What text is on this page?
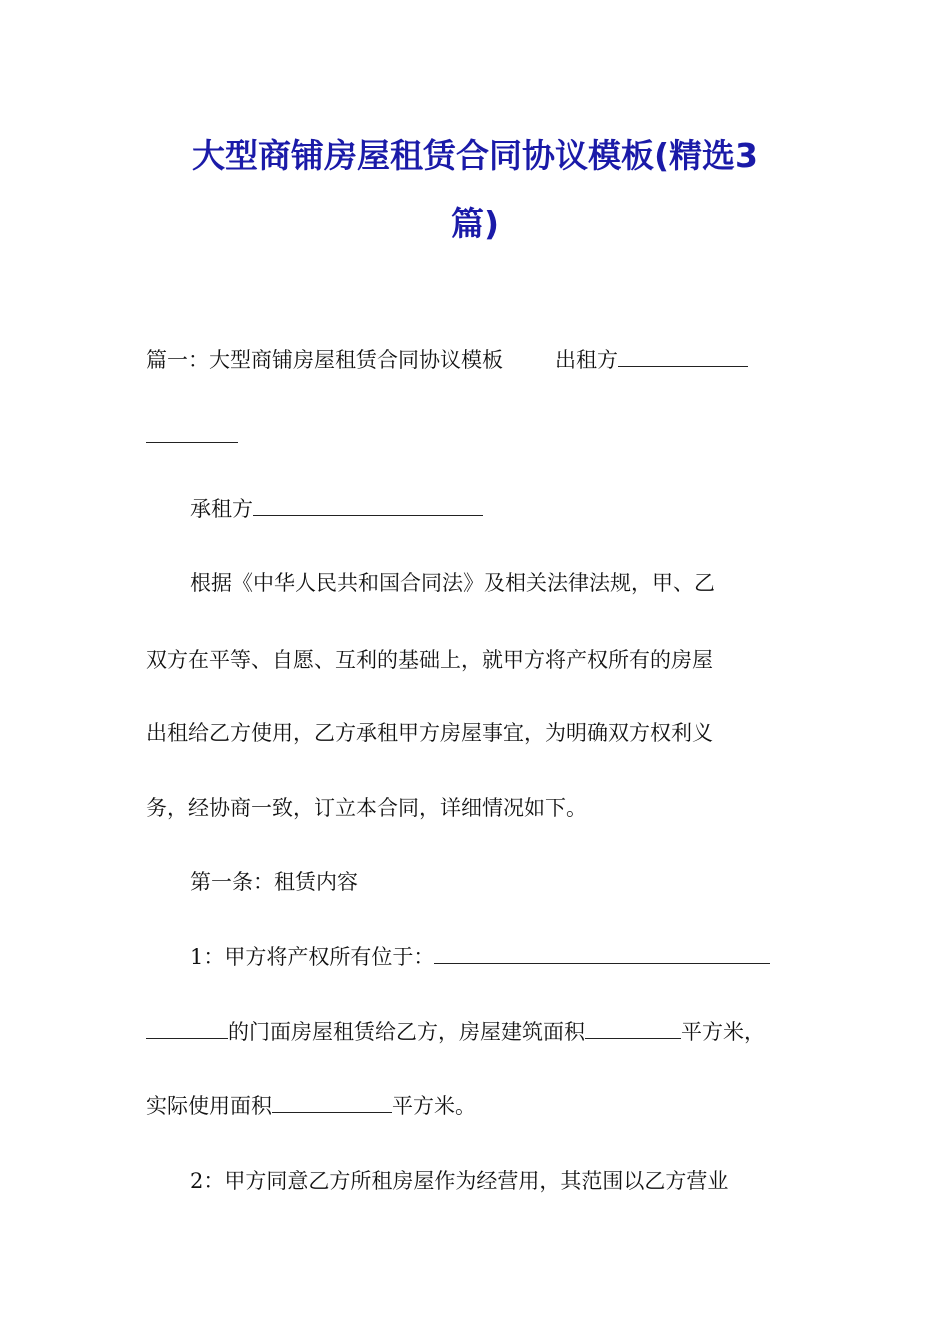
大型商铺房屋租赁合同协议模板(精选3
篇)
篇一：大型商铺房屋租赁合同协议模板 出租方
承租方
根据《中华人民共和国合同法》及相关法律法规，甲、乙
双方在平等、自愿、互利的基础上，就甲方将产权所有的房屋
出租给乙方使用，乙方承租甲方房屋事宜，为明确双方权利义
务，经协商一致，订立本合同，详细情况如下。
第一条：租赁内容
1：甲方将产权所有位于：
的门面房屋租赁给乙方，房屋建筑面积	平方米，
实际使用面积	平方米。
2：甲方同意乙方所租房屋作为经营用，其范围以乙方营业
